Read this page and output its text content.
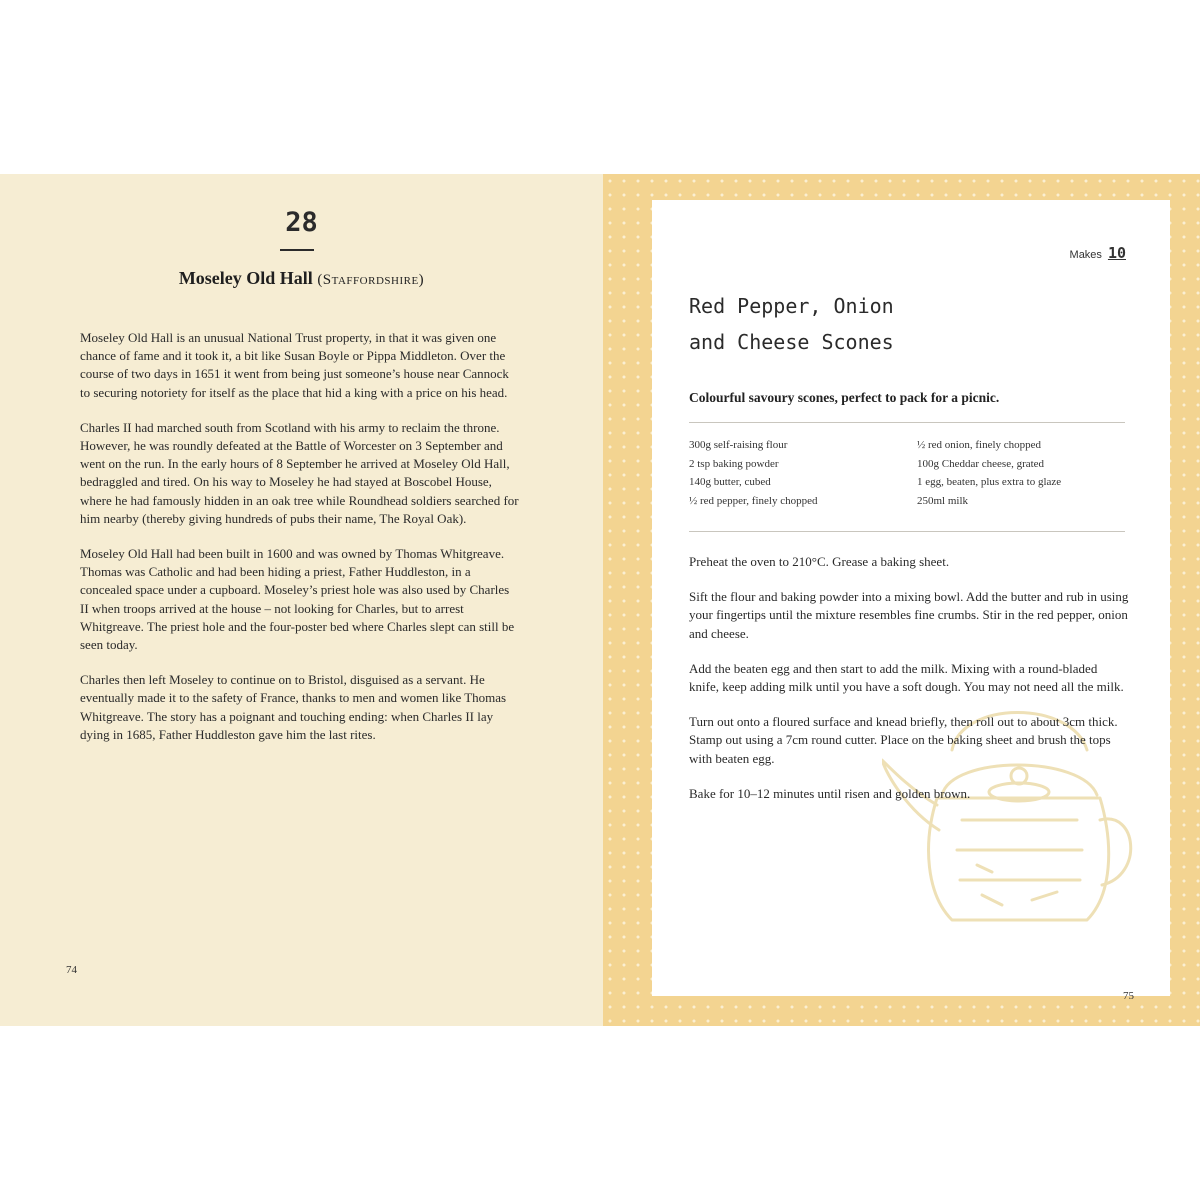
28
Moseley Old Hall (Staffordshire)

Moseley Old Hall is an unusual National Trust property, in that it was given one chance of fame and it took it, a bit like Susan Boyle or Pippa Middleton. Over the course of two days in 1651 it went from being just someone’s house near Cannock to securing notoriety for itself as the place that hid a king with a price on his head.

Charles II had marched south from Scotland with his army to reclaim the throne. However, he was roundly defeated at the Battle of Worcester on 3 September and went on the run. In the early hours of 8 September he arrived at Moseley Old Hall, bedraggled and tired. On his way to Moseley he had stayed at Boscobel House, where he had famously hidden in an oak tree while Roundhead soldiers searched for him nearby (thereby giving hundreds of pubs their name, The Royal Oak).

Moseley Old Hall had been built in 1600 and was owned by Thomas Whitgreave. Thomas was Catholic and had been hiding a priest, Father Huddleston, in a concealed space under a cupboard. Moseley’s priest hole was also used by Charles II when troops arrived at the house – not looking for Charles, but to arrest Whitgreave. The priest hole and the four-poster bed where Charles slept can still be seen today.

Charles then left Moseley to continue on to Bristol, disguised as a servant. He eventually made it to the safety of France, thanks to men and women like Thomas Whitgreave. The story has a poignant and touching ending: when Charles II lay dying in 1685, Father Huddleston gave him the last rites.

74
Makes 10
Red Pepper, Onion
and Cheese Scones
Colourful savoury scones, perfect to pack for a picnic.
300g self-raising flour
2 tsp baking powder
140g butter, cubed
½ red pepper, finely chopped
½ red onion, finely chopped
100g Cheddar cheese, grated
1 egg, beaten, plus extra to glaze
250ml milk

Preheat the oven to 210°C. Grease a baking sheet.

Sift the flour and baking powder into a mixing bowl. Add the butter and rub in using your fingertips until the mixture resembles fine crumbs. Stir in the red pepper, onion and cheese.

Add the beaten egg and then start to add the milk. Mixing with a round-bladed knife, keep adding milk until you have a soft dough. You may not need all the milk.

Turn out onto a floured surface and knead briefly, then roll out to about 3cm thick. Stamp out using a 7cm round cutter. Place on the baking sheet and brush the tops with beaten egg.

Bake for 10–12 minutes until risen and golden brown.

75
